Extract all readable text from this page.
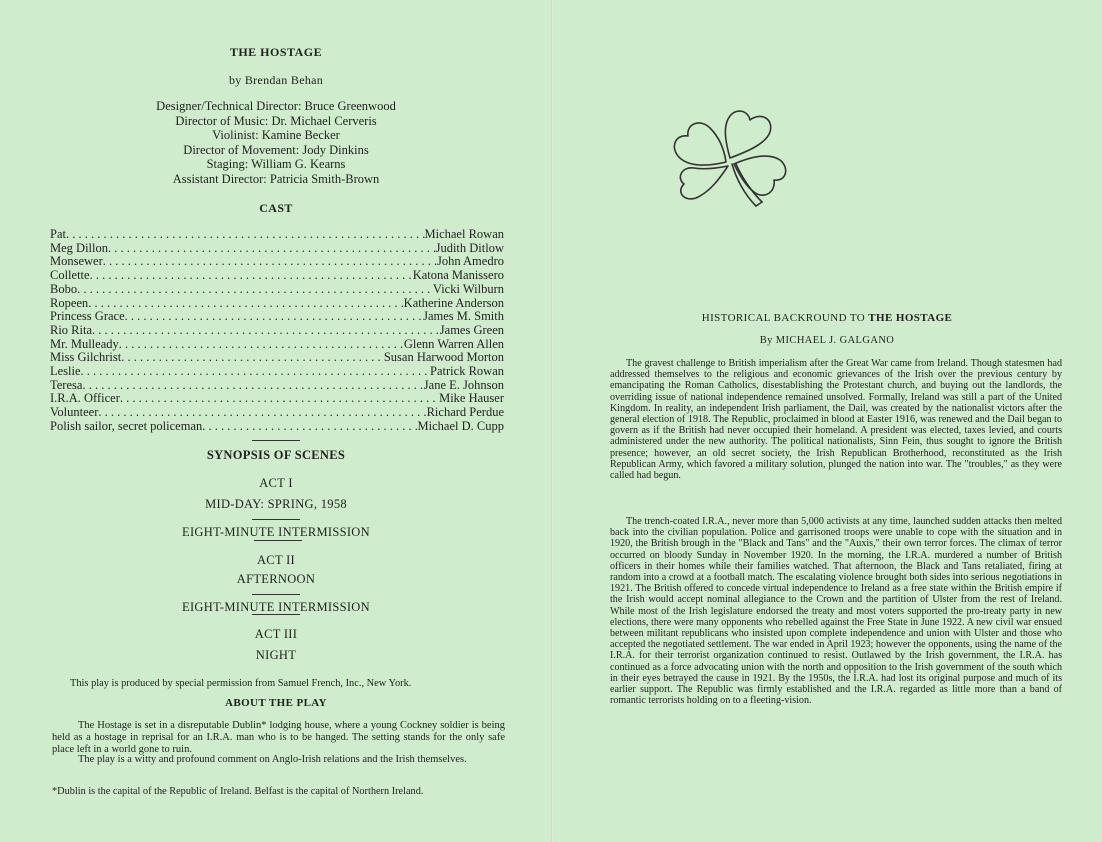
THE HOSTAGE
by Brendan Behan
Designer/Technical Director: Bruce Greenwood
Director of Music: Dr. Michael Cerveris
Violinist: Kamine Becker
Director of Movement: Jody Dinkins
Staging: William G. Kearns
Assistant Director: Patricia Smith-Brown
CAST
Pat . . .	Michael Rowan
Meg Dillon . . .	Judith Ditlow
Monsewer . . .	John Amedro
Collette . . .	Katona Manissero
Bobo . . .	Vicki Wilburn
Ropeen . . .	Katherine Anderson
Princess Grace . . .	James M. Smith
Rio Rita . . .	James Green
Mr. Mulleady . . .	Glenn Warren Allen
Miss Gilchrist . . .	Susan Harwood Morton
Leslie . . .	Patrick Rowan
Teresa . . .	Jane E. Johnson
I.R.A. Officer . . .	Mike Hauser
Volunteer . . .	Richard Perdue
Polish sailor, secret policeman . . .	Michael D. Cupp
SYNOPSIS OF SCENES
ACT I
MID-DAY: SPRING, 1958
EIGHT-MINUTE INTERMISSION
ACT II
AFTERNOON
EIGHT-MINUTE INTERMISSION
ACT III
NIGHT
This play is produced by special permission from Samuel French, Inc., New York.
ABOUT THE PLAY
The Hostage is set in a disreputable Dublin* lodging house, where a young Cockney soldier is being held as a hostage in reprisal for an I.R.A. man who is to be hanged. The setting stands for the only safe place left in a world gone to ruin.
The play is a witty and profound comment on Anglo-Irish relations and the Irish themselves.
*Dublin is the capital of the Republic of Ireland. Belfast is the capital of Northern Ireland.
HISTORICAL BACKROUND TO THE HOSTAGE
By MICHAEL J. GALGANO
The gravest challenge to British imperialism after the Great War came from Ireland. Though statesmen had addressed themselves to the religious and economic grievances of the Irish over the previous century by emancipating the Roman Catholics, disestablishing the Protestant church, and buying out the landlords, the overriding issue of national independence remained unsolved. Formally, Ireland was still a part of the United Kingdom. In reality, an independent Irish parliament, the Dail, was created by the nationalist victors after the general election of 1918. The Republic, proclaimed in blood at Easter 1916, was renewed and the Dail began to govern as if the British had never occupied their homeland. A president was elected, taxes levied, and courts administered under the new authority. The political nationalists, Sinn Fein, thus sought to ignore the British presence; however, an old secret society, the Irish Republican Brotherhood, reconstituted as the Irish Republican Army, which favored a military solution, plunged the nation into war. The "troubles," as they were called had begun.
The trench-coated I.R.A., never more than 5,000 activists at any time, launched sudden attacks then melted back into the civilian population. Police and garrisoned troops were unable to cope with the situation and in 1920, the British brough in the "Black and Tans" and the "Auxis," their own terror forces. The climax of terror occurred on bloody Sunday in November 1920. In the morning, the I.R.A. murdered a number of British officers in their homes while their families watched. That afternoon, the Black and Tans retaliated, firing at random into a crowd at a football match. The escalating violence brought both sides into serious negotiations in 1921. The British offered to concede virtual independence to Ireland as a free state within the British empire if the Irish would accept nominal allegiance to the Crown and the partition of Ulster from the rest of Ireland. While most of the Irish legislature endorsed the treaty and most voters supported the pro-treaty party in new elections, there were many opponents who rebelled against the Free State in June 1922. A new civil war ensued between militant republicans who insisted upon complete independence and union with Ulster and those who accepted the negotiated settlement. The war ended in April 1923; however the opponents, using the name of the I.R.A. for their terrorist organization continued to resist. Outlawed by the Irish government, the I.R.A. has continued as a force advocating union with the north and opposition to the Irish government of the south which in their eyes betrayed the cause in 1921. By the 1950s, the I.R.A. had lost its original purpose and much of its earlier support. The Republic was firmly established and the I.R.A. regarded as little more than a band of romantic terrorists holding on to a fleeting-vision.
